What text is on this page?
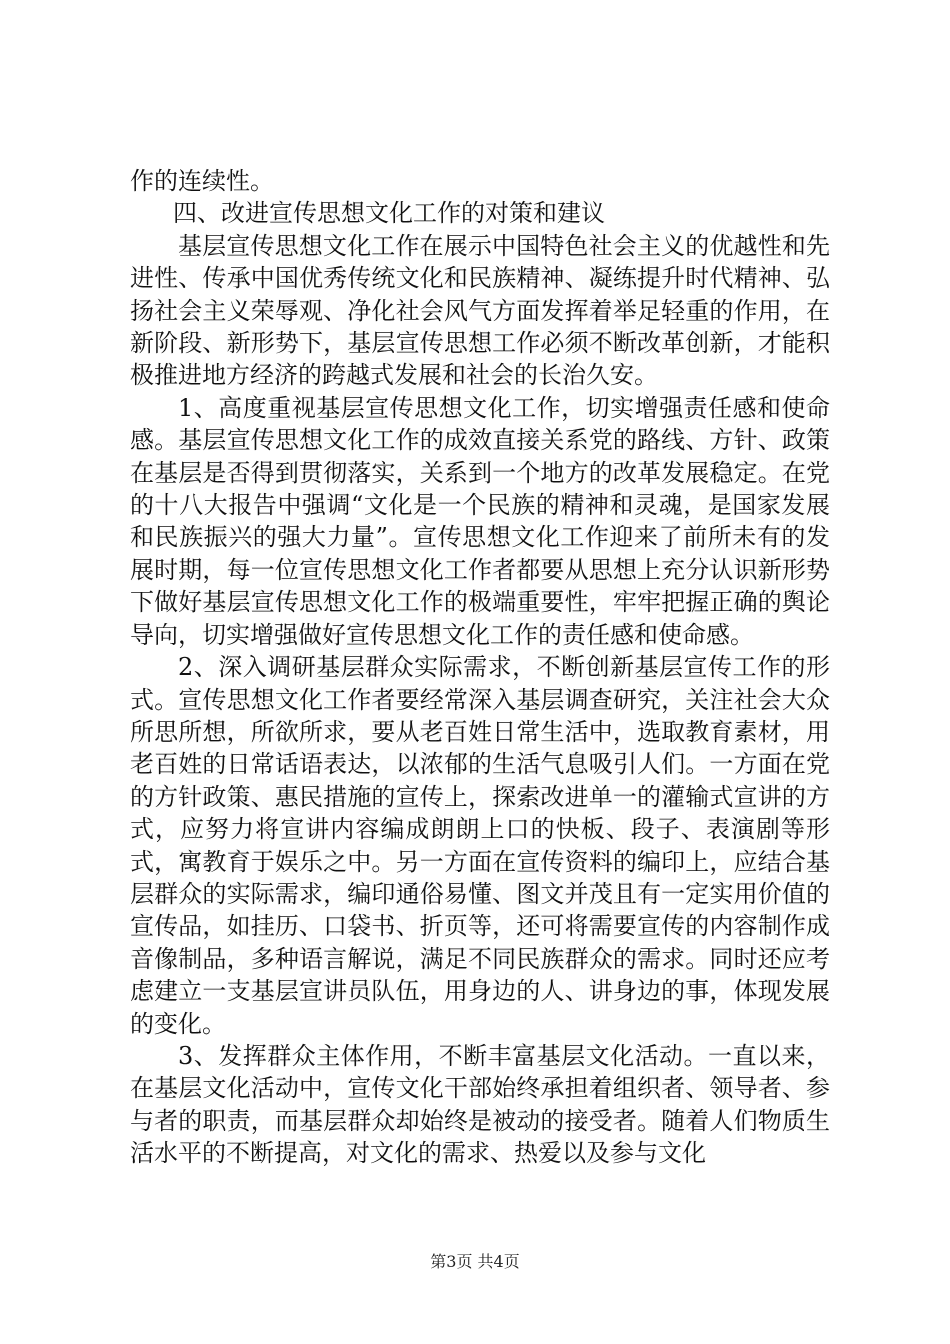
作的连续性。

四、改进宣传思想文化工作的对策和建议

基层宣传思想文化工作在展示中国特色社会主义的优越性和先进性、传承中国优秀传统文化和民族精神、凝练提升时代精神、弘扬社会主义荣辱观、净化社会风气方面发挥着举足轻重的作用，在新阶段、新形势下，基层宣传思想工作必须不断改革创新，才能积极推进地方经济的跨越式发展和社会的长治久安。

1、高度重视基层宣传思想文化工作，切实增强责任感和使命感。基层宣传思想文化工作的成效直接关系党的路线、方针、政策在基层是否得到贯彻落实，关系到一个地方的改革发展稳定。在党的十八大报告中强调“文化是一个民族的精神和灵魂，是国家发展和民族振兴的强大力量”。宣传思想文化工作迎来了前所未有的发展时期，每一位宣传思想文化工作者都要从思想上充分认识新形势下做好基层宣传思想文化工作的极端重要性，牢牢把握正确的舆论导向，切实增强做好宣传思想文化工作的责任感和使命感。

2、深入调研基层群众实际需求，不断创新基层宣传工作的形式。宣传思想文化工作者要经常深入基层调查研究，关注社会大众所思所想，所欲所求，要从老百姓日常生活中，选取教育素材，用老百姓的日常话语表达，以浓郁的生活气息吸引人们。一方面在党的方针政策、惠民措施的宣传上，探索改进单一的灌输式宣讲的方式，应努力将宣讲内容编成朗朗上口的快板、段子、表演剧等形式，寓教育于娱乐之中。另一方面在宣传资料的编印上，应结合基层群众的实际需求，编印通俗易懂、图文并茂且有一定实用价值的宣传品，如挂历、口袋书、折页等，还可将需要宣传的内容制作成音像制品，多种语言解说，满足不同民族群众的需求。同时还应考虑建立一支基层宣讲员队伍，用身边的人、讲身边的事，体现发展的变化。

3、发挥群众主体作用，不断丰富基层文化活动。一直以来，在基层文化活动中，宣传文化干部始终承担着组织者、领导者、参与者的职责，而基层群众却始终是被动的接受者。随着人们物质生活水平的不断提高，对文化的需求、热爱以及参与文化

第3页 共4页
